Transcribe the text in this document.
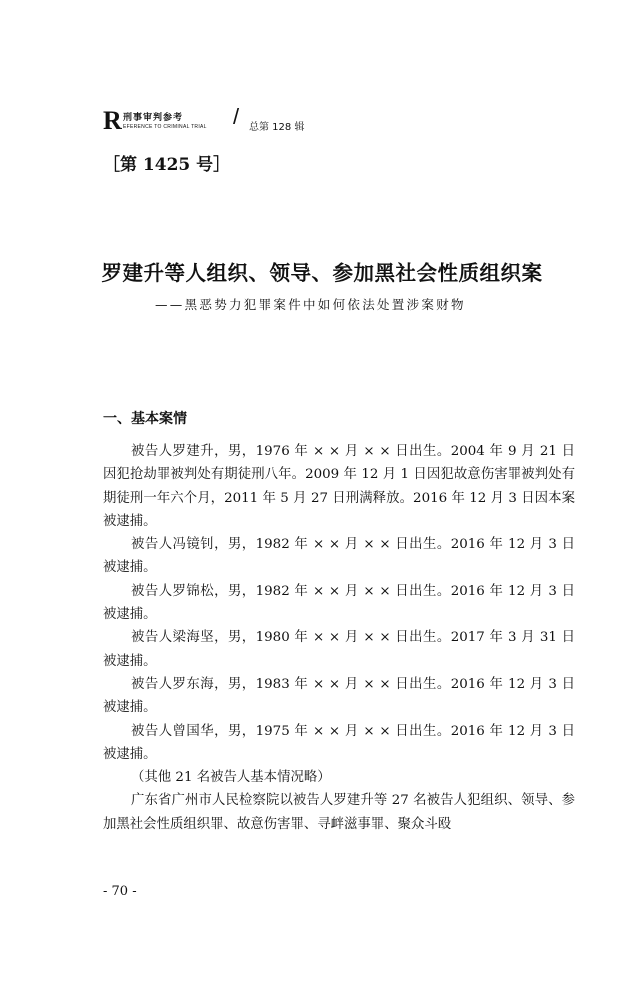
R 刑事审判参考
EFERENCE TO CRIMINAL TRIAL / 总第 128 辑
［第 1425 号］
罗建升等人组织、领导、参加黑社会性质组织案
——黑恶势力犯罪案件中如何依法处置涉案财物
一、基本案情

被告人罗建升，男，1976 年 × × 月 × × 日出生。2004 年 9 月 21 日因犯抢劫罪被判处有期徒刑八年。2009 年 12 月 1 日因犯故意伤害罪被判处有期徒刑一年六个月，2011 年 5 月 27 日刑满释放。2016 年 12 月 3 日因本案被逮捕。

被告人冯镜钊，男，1982 年 × × 月 × × 日出生。2016 年 12 月 3 日被逮捕。

被告人罗锦松，男，1982 年 × × 月 × × 日出生。2016 年 12 月 3 日被逮捕。

被告人梁海坚，男，1980 年 × × 月 × × 日出生。2017 年 3 月 31 日被逮捕。

被告人罗东海，男，1983 年 × × 月 × × 日出生。2016 年 12 月 3 日被逮捕。

被告人曾国华，男，1975 年 × × 月 × × 日出生。2016 年 12 月 3 日被逮捕。

（其他 21 名被告人基本情况略）

广东省广州市人民检察院以被告人罗建升等 27 名被告人犯组织、领导、参加黑社会性质组织罪、故意伤害罪、寻衅滋事罪、聚众斗殴

- 70 -
